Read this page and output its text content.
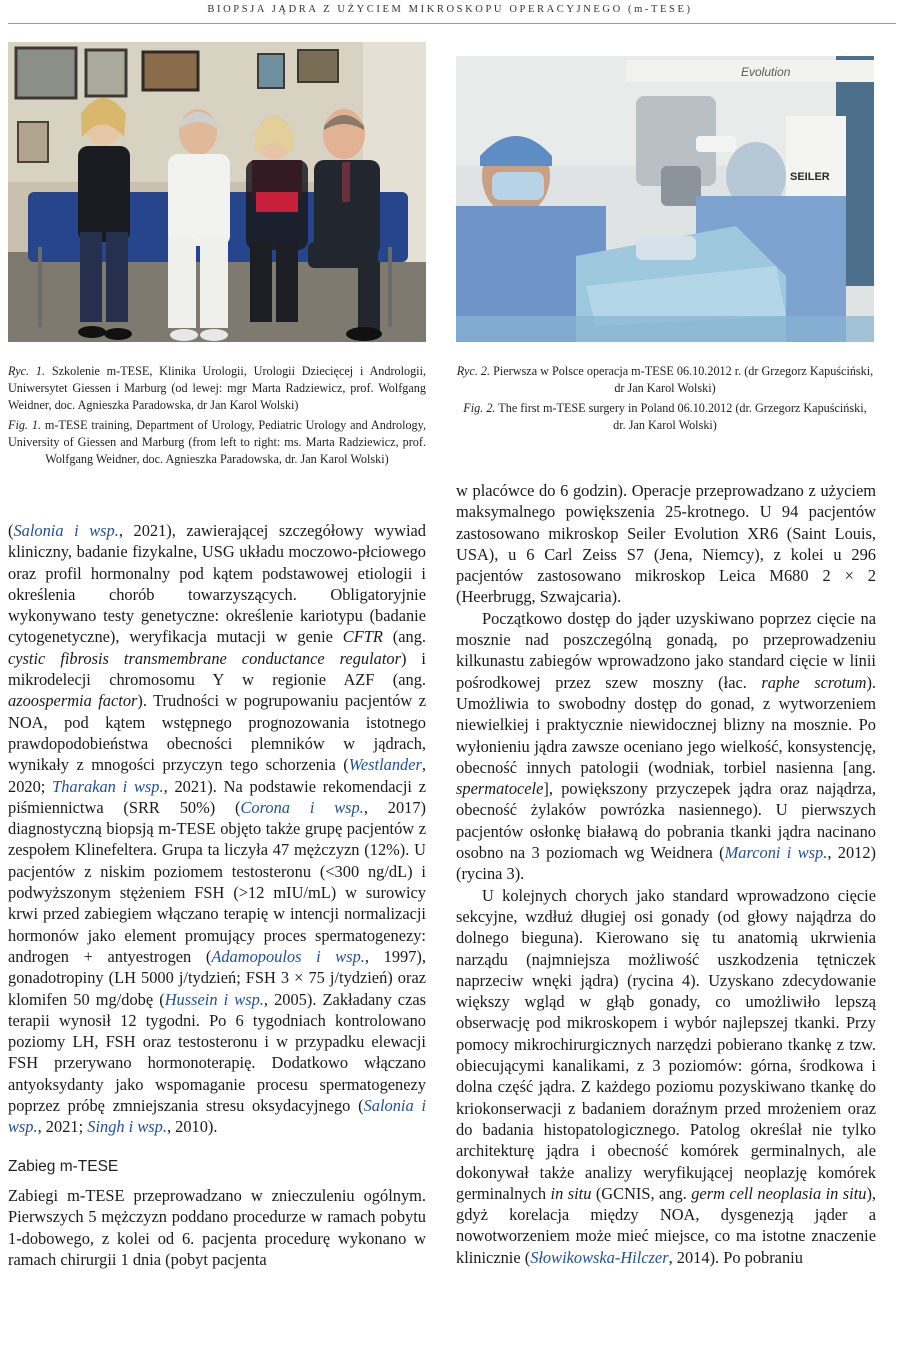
BIOPSJA JĄDRA Z UŻYCIEM MIKROSKOPU OPERACYJNEGO (m-TESE)
Evolution
SEILER

Ryc. 1. Szkolenie m-TESE, Klinika Urologii, Urologii Dziecięcej i Andrologii, Uniwersytet Giessen i Marburg (od lewej: mgr Marta Radziewicz, prof. Wolfgang Weidner, doc. Agnieszka Paradowska, dr Jan Karol Wolski)

Fig. 1. m-TESE training, Department of Urology, Pediatric Urology and Andrology, University of Giessen and Marburg (from left to right: ms. Marta Radziewicz, prof. Wolfgang Weidner, doc. Agnieszka Paradowska, dr. Jan Karol Wolski)

Ryc. 2. Pierwsza w Polsce operacja m-TESE 06.10.2012 r. (dr Grzegorz Kapuściński, dr Jan Karol Wolski)

Fig. 2. The first m-TESE surgery in Poland 06.10.2012 (dr. Grzegorz Kapuściński, dr. Jan Karol Wolski)

(Salonia i wsp., 2021), zawierającej szczegółowy wywiad kliniczny, badanie fizykalne, USG układu moczowo-płciowego oraz profil hormonalny pod kątem podstawowej etiologii i określenia chorób towarzyszących. Obligatoryjnie wykonywano testy genetyczne: określenie kariotypu (badanie cytogenetyczne), weryfikacja mutacji w genie CFTR (ang. cystic fibrosis transmembrane conductance regulator) i mikrodelecji chromosomu Y w regionie AZF (ang. azoospermia factor). Trudności w pogrupowaniu pacjentów z NOA, pod kątem wstępnego prognozowania istotnego prawdopodobieństwa obecności plemników w jądrach, wynikały z mnogości przyczyn tego schorzenia (Westlander, 2020; Tharakan i wsp., 2021). Na podstawie rekomendacji z piśmiennictwa (SRR 50%) (Corona i wsp., 2017) diagnostyczną biopsją m-TESE objęto także grupę pacjentów z zespołem Klinefeltera. Grupa ta liczyła 47 mężczyzn (12%). U pacjentów z niskim poziomem testosteronu (<300 ng/dL) i podwyższonym stężeniem FSH (>12 mIU/mL) w surowicy krwi przed zabiegiem włączano terapię w intencji normalizacji hormonów jako element promujący proces spermatogenezy: androgen + antyestrogen (Adamopoulos i wsp., 1997), gonadotropiny (LH 5000 j/tydzień; FSH 3 × 75 j/tydzień) oraz klomifen 50 mg/dobę (Hussein i wsp., 2005). Zakładany czas terapii wynosił 12 tygodni. Po 6 tygodniach kontrolowano poziomy LH, FSH oraz testosteronu i w przypadku elewacji FSH przerywano hormonoterapię. Dodatkowo włączano antyoksydanty jako wspomaganie procesu spermatogenezy poprzez próbę zmniejszania stresu oksydacyjnego (Salonia i wsp., 2021; Singh i wsp., 2010).

Zabieg m-TESE

Zabiegi m-TESE przeprowadzano w znieczuleniu ogólnym. Pierwszych 5 mężczyzn poddano procedurze w ramach pobytu 1-dobowego, z kolei od 6. pacjenta procedurę wykonano w ramach chirurgii 1 dnia (pobyt pacjenta

w placówce do 6 godzin). Operacje przeprowadzano z użyciem maksymalnego powiększenia 25-krotnego. U 94 pacjentów zastosowano mikroskop Seiler Evolution XR6 (Saint Louis, USA), u 6 Carl Zeiss S7 (Jena, Niemcy), z kolei u 296 pacjentów zastosowano mikroskop Leica M680 2 × 2 (Heerbrugg, Szwajcaria).

Początkowo dostęp do jąder uzyskiwano poprzez cięcie na mosznie nad poszczególną gonadą, po przeprowadzeniu kilkunastu zabiegów wprowadzono jako standard cięcie w linii pośrodkowej przez szew moszny (łac. raphe scrotum). Umożliwia to swobodny dostęp do gonad, z wytworzeniem niewielkiej i praktycznie niewidocznej blizny na mosznie. Po wyłonieniu jądra zawsze oceniano jego wielkość, konsystencję, obecność innych patologii (wodniak, torbiel nasienna [ang. spermatocele], powiększony przyczepek jądra oraz najądrza, obecność żylaków powrózka nasiennego). U pierwszych pacjentów osłonkę białawą do pobrania tkanki jądra nacinano osobno na 3 poziomach wg Weidnera (Marconi i wsp., 2012) (rycina 3).

U kolejnych chorych jako standard wprowadzono cięcie sekcyjne, wzdłuż długiej osi gonady (od głowy najądrza do dolnego bieguna). Kierowano się tu anatomią ukrwienia narządu (najmniejsza możliwość uszkodzenia tętniczek naprzeciw wnęki jądra) (rycina 4). Uzyskano zdecydowanie większy wgląd w głąb gonady, co umożliwiło lepszą obserwację pod mikroskopem i wybór najlepszej tkanki. Przy pomocy mikrochirurgicznych narzędzi pobierano tkankę z tzw. obiecującymi kanalikami, z 3 poziomów: górna, środkowa i dolna część jądra. Z każdego poziomu pozyskiwano tkankę do kriokonserwacji z badaniem doraźnym przed mrożeniem oraz do badania histopatologicznego. Patolog określał nie tylko architekturę jądra i obecność komórek germinalnych, ale dokonywał także analizy weryfikującej neoplazję komórek germinalnych in situ (GCNIS, ang. germ cell neoplasia in situ), gdyż korelacja między NOA, dysgenezją jąder a nowotworzeniem może mieć miejsce, co ma istotne znaczenie klinicznie (Słowikowska-Hilczer, 2014). Po pobraniu
